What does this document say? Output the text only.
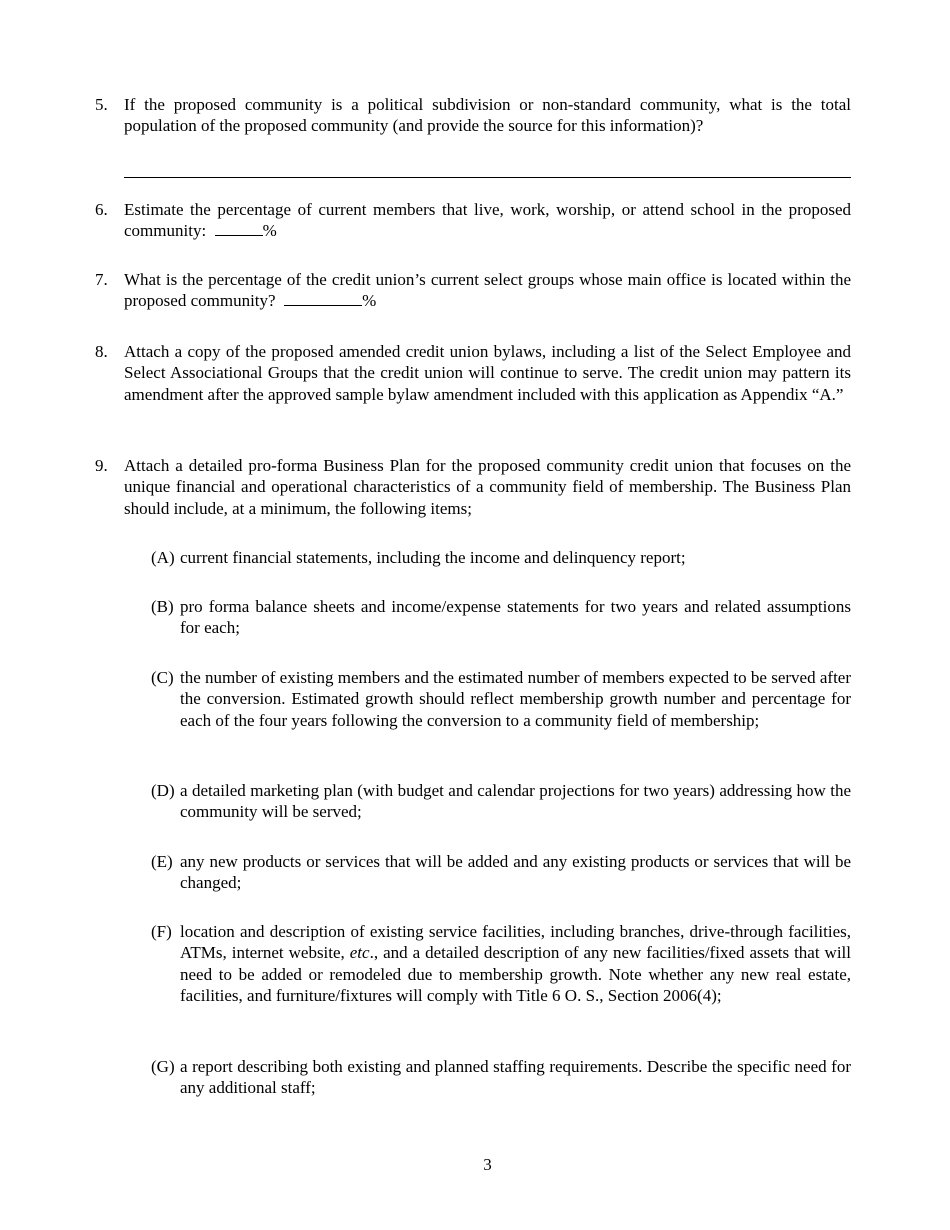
5. If the proposed community is a political subdivision or non-standard community, what is the total population of the proposed community (and provide the source for this information)?
6. Estimate the percentage of current members that live, work, worship, or attend school in the proposed community:	%
7. What is the percentage of the credit union’s current select groups whose main office is located within the proposed community?	%
8. Attach a copy of the proposed amended credit union bylaws, including a list of the Select Employee and Select Associational Groups that the credit union will continue to serve. The credit union may pattern its amendment after the approved sample bylaw amendment included with this application as Appendix “A.”
9. Attach a detailed pro-forma Business Plan for the proposed community credit union that focuses on the unique financial and operational characteristics of a community field of membership. The Business Plan should include, at a minimum, the following items;
(A) current financial statements, including the income and delinquency report;
(B) pro forma balance sheets and income/expense statements for two years and related assumptions for each;
(C) the number of existing members and the estimated number of members expected to be served after the conversion. Estimated growth should reflect membership growth number and percentage for each of the four years following the conversion to a community field of membership;
(D) a detailed marketing plan (with budget and calendar projections for two years) addressing how the community will be served;
(E) any new products or services that will be added and any existing products or services that will be changed;
(F) location and description of existing service facilities, including branches, drive-through facilities, ATMs, internet website, etc., and a detailed description of any new facilities/fixed assets that will need to be added or remodeled due to membership growth. Note whether any new real estate, facilities, and furniture/fixtures will comply with Title 6 O. S., Section 2006(4);
(G) a report describing both existing and planned staffing requirements. Describe the specific need for any additional staff;
3
